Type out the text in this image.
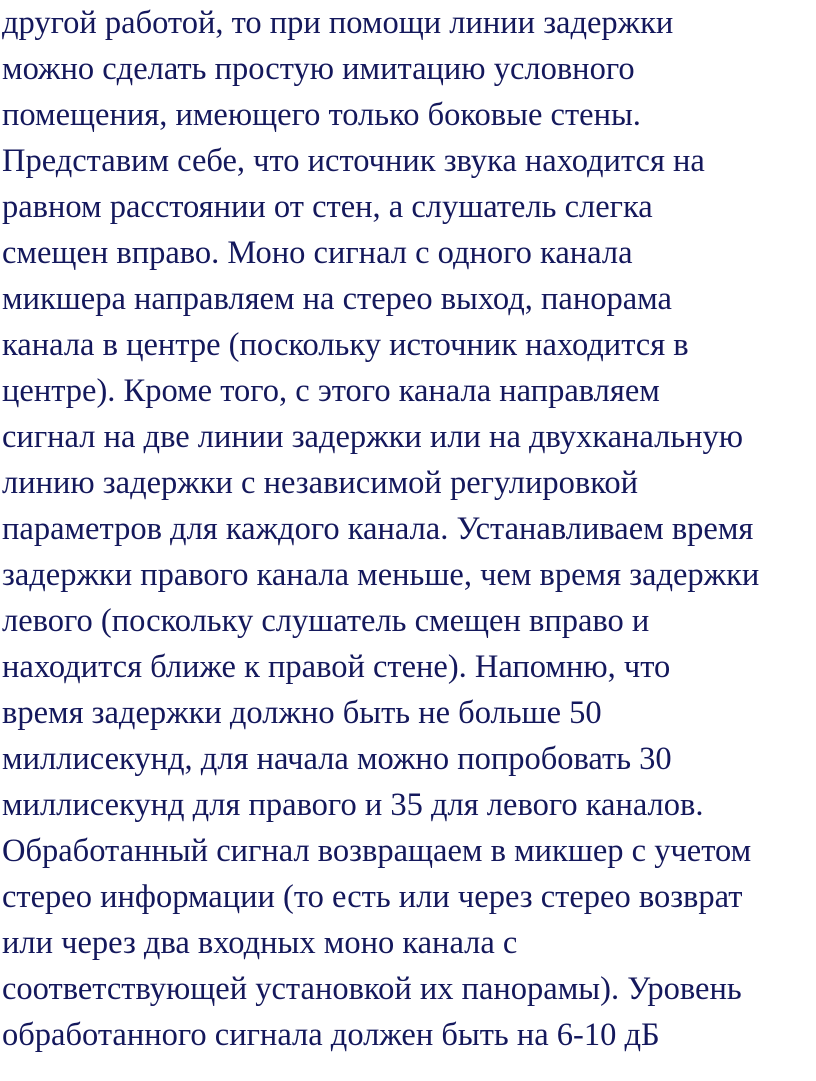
другой работой, то при помощи линии задержки
можно сделать простую имитацию условного
помещения, имеющего только боковые стены.
Представим себе, что источник звука находится на
равном расстоянии от стен, а слушатель слегка
смещен вправо. Моно сигнал с одного канала
микшера направляем на стерео выход, панорама
канала в центре (поскольку источник находится в
центре). Кроме того, с этого канала направляем
сигнал на две линии задержки или на двухканальную
линию задержки с независимой регулировкой
параметров для каждого канала. Устанавливаем время
задержки правого канала меньше, чем время задержки
левого (поскольку слушатель смещен вправо и
находится ближе к правой стене). Напомню, что
время задержки должно быть не больше 50
миллисекунд, для начала можно попробовать 30
миллисекунд для правого и 35 для левого каналов.
Обработанный сигнал возвращаем в микшер с учетом
стерео информации (то есть или через стерео возврат
или через два входных моно канала с
соответствующей установкой их панорамы). Уровень
обработанного сигнала должен быть на 6-10 дБ
